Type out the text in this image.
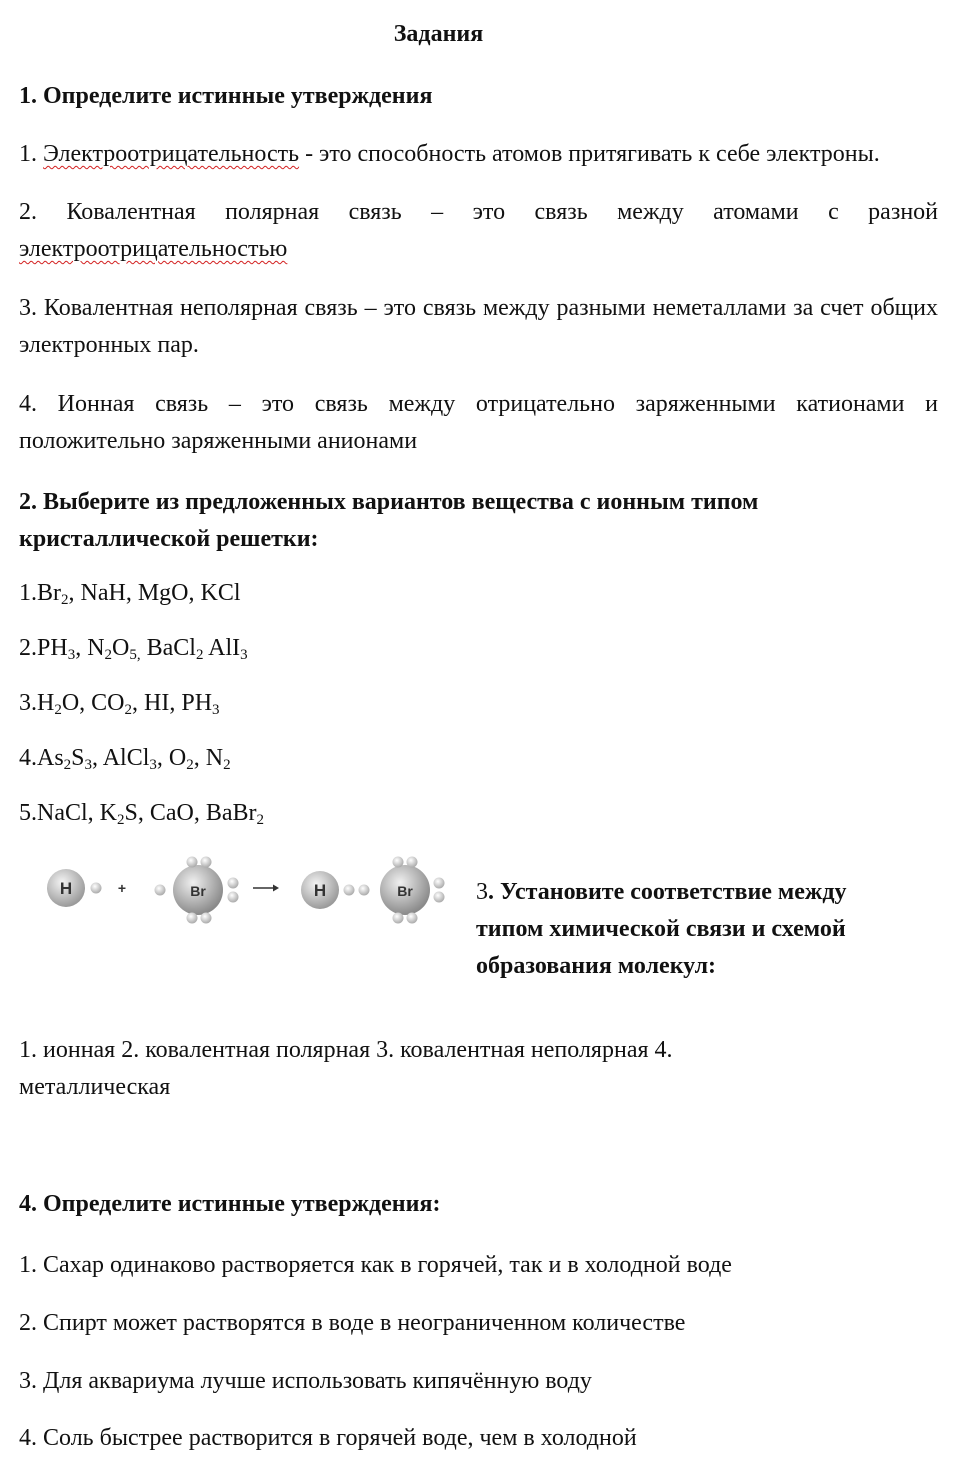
Задания

1. Определите истинные утверждения

1. Электроотрицательность - это способность атомов притягивать к себе электроны.

2. Ковалентная полярная связь – это связь между атомами с разной электроотрицательностью

3. Ковалентная неполярная связь – это связь между разными неметаллами за счет общих электронных пар.

4. Ионная связь – это связь между отрицательно заряженными катионами и положительно заряженными анионами

2. Выберите из предложенных вариантов вещества с ионным типом кристаллической решетки:

$1.Br_2$, NaH, MgO, KCl

$2.PH_3$, $N_2O_{5,}$ BaCl$_2$ AlI$_3$

$3.H_2O$, $CO_2$, HI, $PH_3$

$4.As_2S_3$, AlCl$_3$, $O_2$, $N_2$

5.NaCl, $K_2S$, CaO, BaBr$_2$

H	+	Br	H	Br	3. Установите соответствие между типом химической связи и схемой образования молекул:

1. ионная 2. ковалентная полярная 3. ковалентная неполярная 4. металлическая

4. Определите истинные утверждения:

1. Сахар одинаково растворяется как в горячей, так и в холодной воде

2. Спирт может растворятся в воде в неограниченном количестве

3. Для аквариума лучше использовать кипячённую воду

4. Соль быстрее растворится в горячей воде, чем в холодной
